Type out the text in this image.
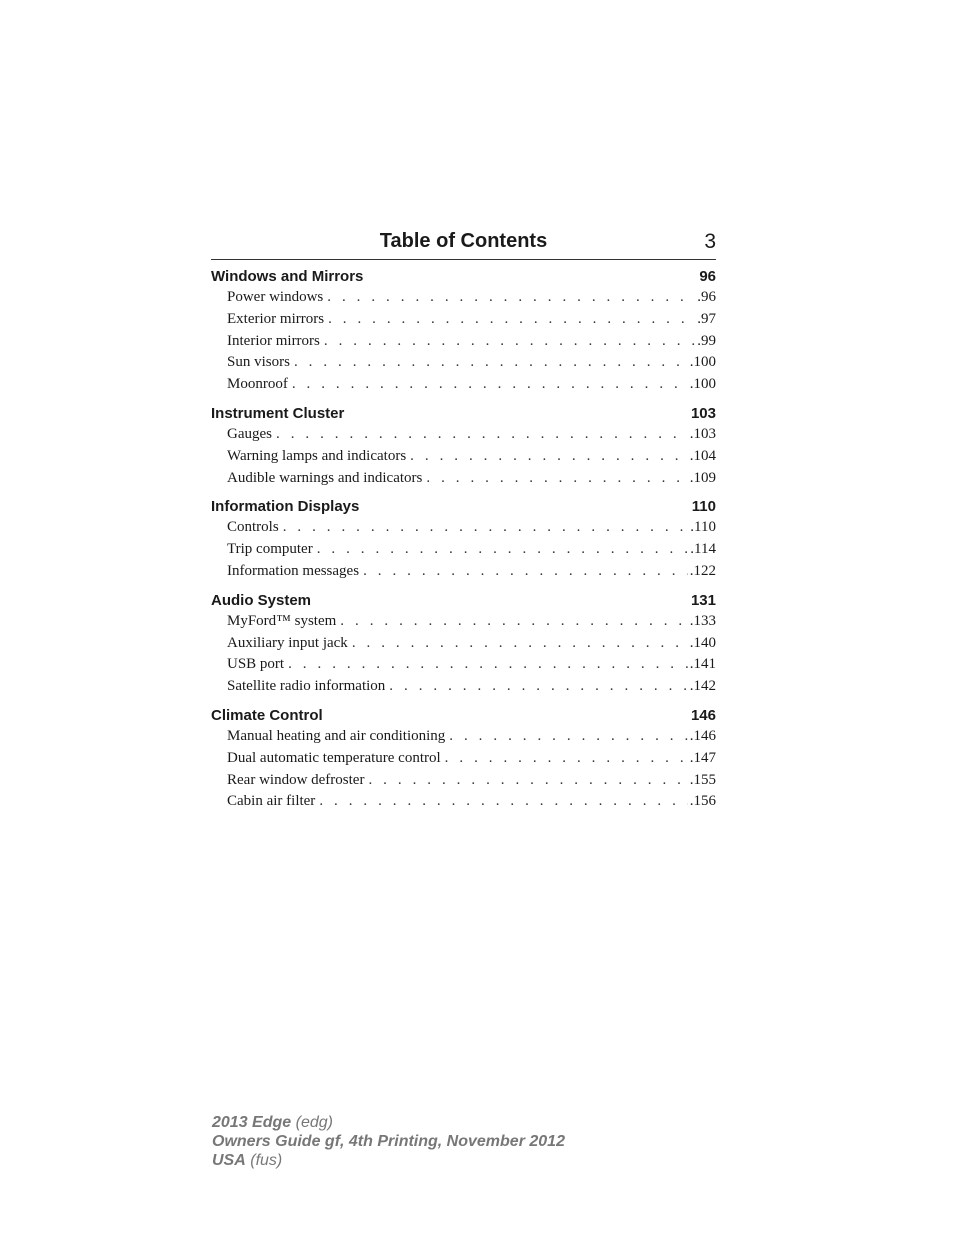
Table of Contents	3
Windows and Mirrors	96
Power windows . . .	.96
Exterior mirrors . . .	.97
Interior mirrors . . .	.99
Sun visors . . .	.100
Moonroof . . .	.100
Instrument Cluster	103
Gauges . . .	.103
Warning lamps and indicators . . .	.104
Audible warnings and indicators . . .	.109
Information Displays	110
Controls . . .	.110
Trip computer . . .	.114
Information messages . . .	.122
Audio System	131
MyFord™ system . . .	.133
Auxiliary input jack . . .	.140
USB port . . .	.141
Satellite radio information . . .	.142
Climate Control	146
Manual heating and air conditioning . . .	.146
Dual automatic temperature control . . .	.147
Rear window defroster . . .	.155
Cabin air filter . . .	.156
2013 Edge (edg)
Owners Guide gf, 4th Printing, November 2012
USA (fus)
